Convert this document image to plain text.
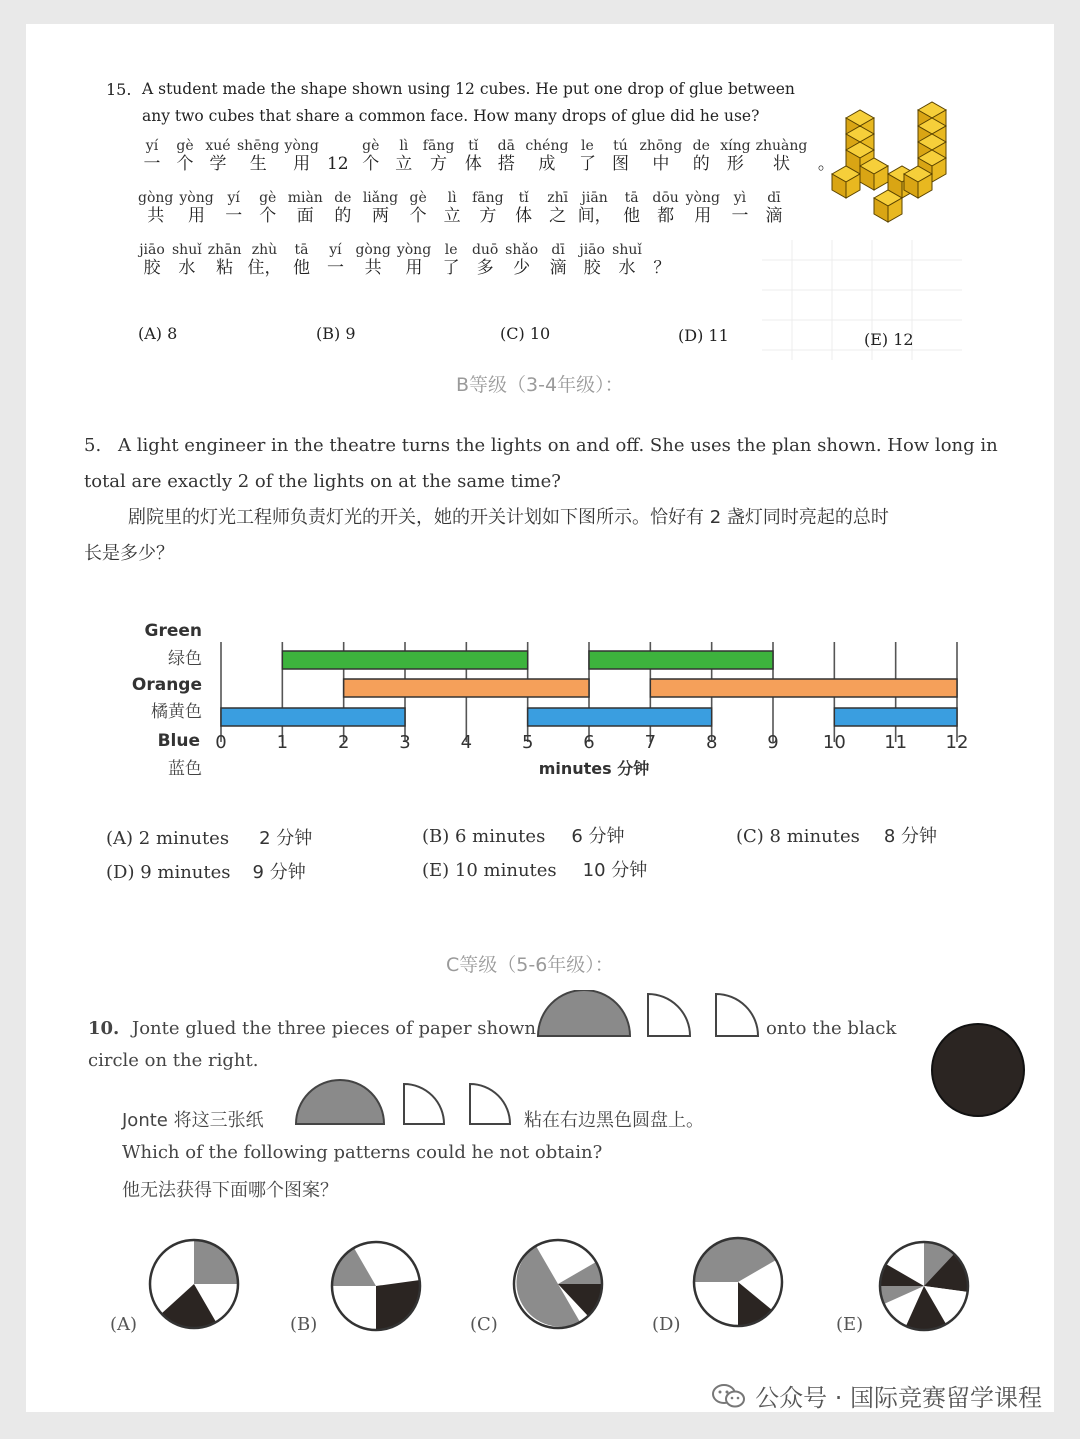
15. A student made the shape shown using 12 cubes. He put one drop of glue between
any two cubes that share a common face. How many drops of glue did he use?
yí
一
gè
个
xué
学
shēng
生
yòng
用
12
gè
个
lì
立
fāng
方
tǐ
体
dā
搭
chéng
成
le
了
tú
图
zhōng
中
de
的
xíng
形
zhuàng
状
。
gòng
共
yòng
用
yí
一
gè
个
miàn
面
de
的
liǎng
两
gè
个
lì
立
fāng
方
tǐ
体
zhī
之
jiān
间，
tā
他
dōu
都
yòng
用
yì
一
dī
滴
jiāo
胶
shuǐ
水
zhān
粘
zhù
住，
tā
他
yí
一
gòng
共
yòng
用
le
了
duō
多
shǎo
少
dī
滴
jiāo
胶
shuǐ
水
？
(A) 8	(B) 9	(C) 10	(D) 11	(E) 12
B等级（3-4年级）：
5. A light engineer in the theatre turns the lights on and off. She uses the plan shown. How long in
total are exactly 2 of the lights on at the same time?
剧院里的灯光工程师负责灯光的开关，她的开关计划如下图所示。恰好有 2 盏灯同时亮起的总时
长是多少？
Green
绿色
Orange
橘黄色
Blue
蓝色
0	1	2	3	4	5	6	7	8	9 10 11 12
minutes 分钟
(A) 2 minutes 2 分钟	(B) 6 minutes 6 分钟	(C) 8 minutes 8 分钟
(D) 9 minutes 9 分钟	(E) 10 minutes 10 分钟
C等级（5-6年级）：
10. Jonte glued the three pieces of paper shown	onto the black
circle on the right.
Jonte 将这三张纸	粘在右边黑色圆盘上。
Which of the following patterns could he not obtain?
他无法获得下面哪个图案？
(A)	(B)	(C)	(D)	(E)
公众号 · 国际竞赛留学课程
